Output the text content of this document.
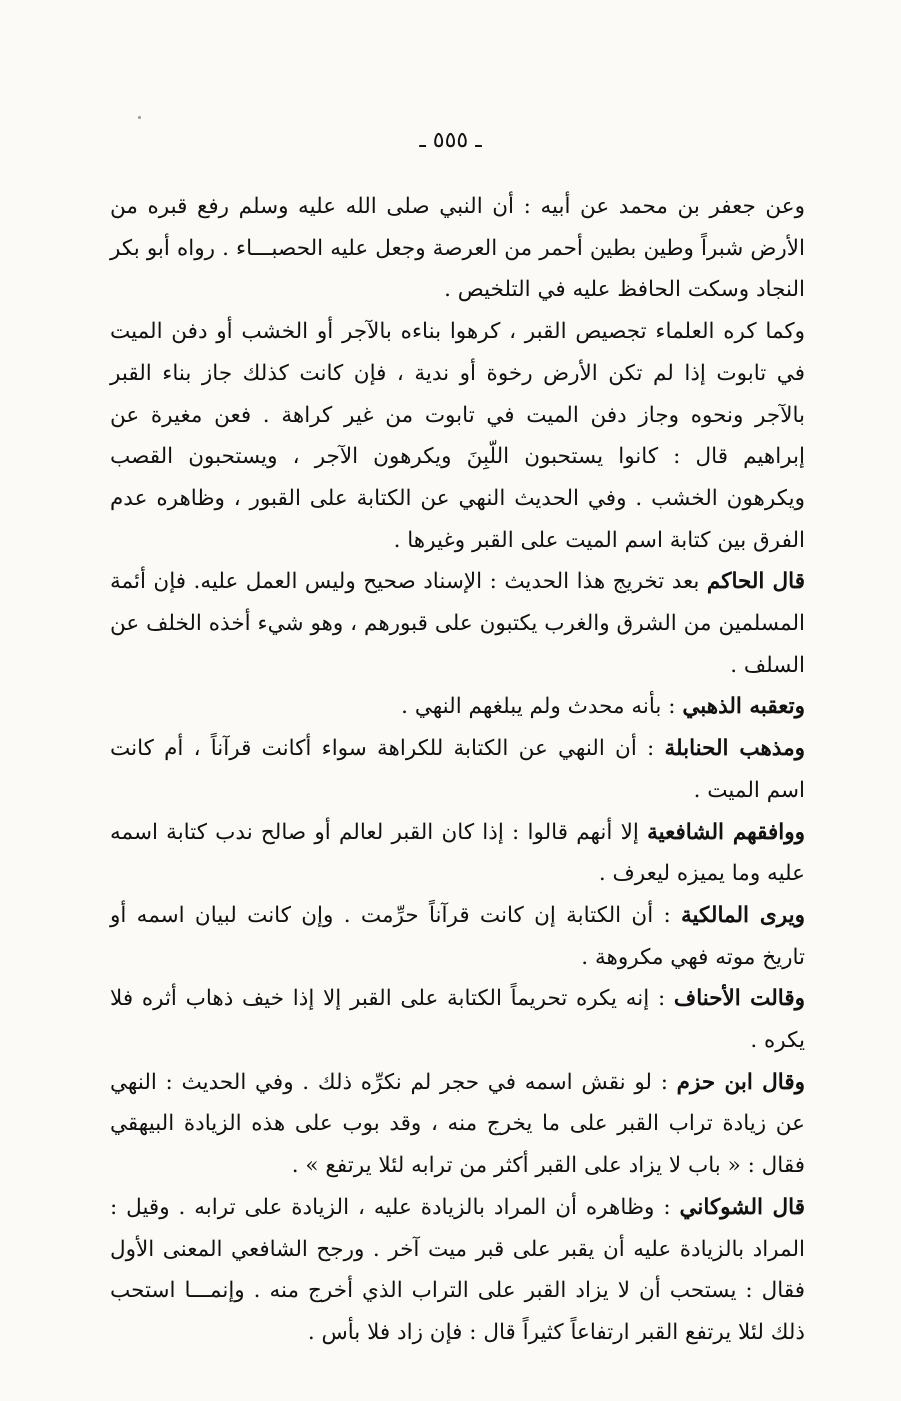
ـ ٥٥٥ ـ

وعن جعفر بن محمد عن أبيه : أن النبي صلى الله عليه وسلم رفع قبره من الأرض شبراً وطين بطين أحمر من العرصة وجعل عليه الحصبـــاء . رواه أبو بكر النجاد وسكت الحافظ عليه في التلخيص .

وكما كره العلماء تجصيص القبر ، كرهوا بناءه بالآجر أو الخشب أو دفن الميت في تابوت إذا لم تكن الأرض رخوة أو ندية ، فإن كانت كذلك جاز بناء القبر بالآجر ونحوه وجاز دفن الميت في تابوت من غير كراهة . فعن مغيرة عن إبراهيم قال : كانوا يستحبون اللّبِنَ ويكرهون الآجر ، ويستحبون القصب ويكرهون الخشب . وفي الحديث النهي عن الكتابة على القبور ، وظاهره عدم الفرق بين كتابة اسم الميت على القبر وغيرها .

قال الحاكم بعد تخريج هذا الحديث : الإسناد صحيح وليس العمل عليه. فإن أئمة المسلمين من الشرق والغرب يكتبون على قبورهم ، وهو شيء أخذه الخلف عن السلف .

وتعقبه الذهبي : بأنه محدث ولم يبلغهم النهي .

ومذهب الحنابلة : أن النهي عن الكتابة للكراهة سواء أكانت قرآناً ، أم كانت اسم الميت .

ووافقهم الشافعية إلا أنهم قالوا : إذا كان القبر لعالم أو صالح ندب كتابة اسمه عليه وما يميزه ليعرف .

ويرى المالكية : أن الكتابة إن كانت قرآناً حرِّمت . وإن كانت لبيان اسمه أو تاريخ موته فهي مكروهة .

وقالت الأحناف : إنه يكره تحريماً الكتابة على القبر إلا إذا خيف ذهاب أثره فلا يكره .

وقال ابن حزم : لو نقش اسمه في حجر لم نكرِّه ذلك . وفي الحديث : النهي عن زيادة تراب القبر على ما يخرج منه ، وقد بوب على هذه الزيادة البيهقي فقال : « باب لا يزاد على القبر أكثر من ترابه لئلا يرتفع » .

قال الشوكاني : وظاهره أن المراد بالزيادة عليه ، الزيادة على ترابه . وقيل : المراد بالزيادة عليه أن يقبر على قبر ميت آخر . ورجح الشافعي المعنى الأول فقال : يستحب أن لا يزاد القبر على التراب الذي أخرج منه . وإنمـــا استحب ذلك لئلا يرتفع القبر ارتفاعاً كثيراً قال : فإن زاد فلا بأس .
